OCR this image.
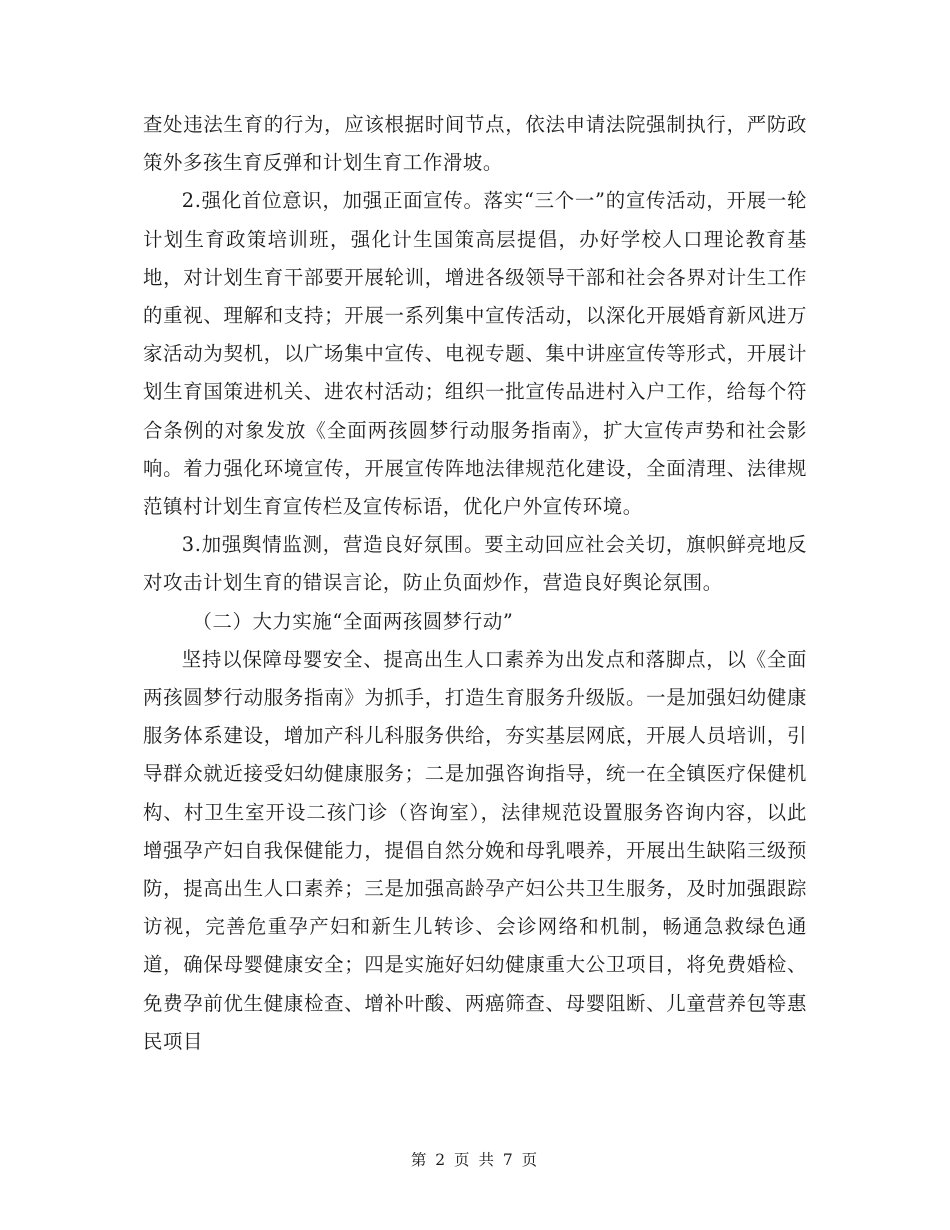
查处违法生育的行为，应该根据时间节点，依法申请法院强制执行，严防政策外多孩生育反弹和计划生育工作滑坡。

2.强化首位意识，加强正面宣传。落实“三个一”的宣传活动，开展一轮计划生育政策培训班，强化计生国策高层提倡，办好学校人口理论教育基地，对计划生育干部要开展轮训，增进各级领导干部和社会各界对计生工作的重视、理解和支持；开展一系列集中宣传活动，以深化开展婚育新风进万家活动为契机，以广场集中宣传、电视专题、集中讲座宣传等形式，开展计划生育国策进机关、进农村活动；组织一批宣传品进村入户工作，给每个符合条例的对象发放《全面两孩圆梦行动服务指南》，扩大宣传声势和社会影响。着力强化环境宣传，开展宣传阵地法律规范化建设，全面清理、法律规范镇村计划生育宣传栏及宣传标语，优化户外宣传环境。

3.加强舆情监测，营造良好氛围。要主动回应社会关切，旗帜鲜亮地反对攻击计划生育的错误言论，防止负面炒作，营造良好舆论氛围。

（二）大力实施“全面两孩圆梦行动”

坚持以保障母婴安全、提高出生人口素养为出发点和落脚点，以《全面两孩圆梦行动服务指南》为抓手，打造生育服务升级版。一是加强妇幼健康服务体系建设，增加产科儿科服务供给，夯实基层网底，开展人员培训，引导群众就近接受妇幼健康服务；二是加强咨询指导，统一在全镇医疗保健机构、村卫生室开设二孩门诊（咨询室），法律规范设置服务咨询内容，以此增强孕产妇自我保健能力，提倡自然分娩和母乳喂养，开展出生缺陷三级预防，提高出生人口素养；三是加强高龄孕产妇公共卫生服务，及时加强跟踪访视，完善危重孕产妇和新生儿转诊、会诊网络和机制，畅通急救绿色通道，确保母婴健康安全；四是实施好妇幼健康重大公卫项目，将免费婚检、免费孕前优生健康检查、增补叶酸、两癌筛查、母婴阻断、儿童营养包等惠民项目

第 2 页 共 7 页
